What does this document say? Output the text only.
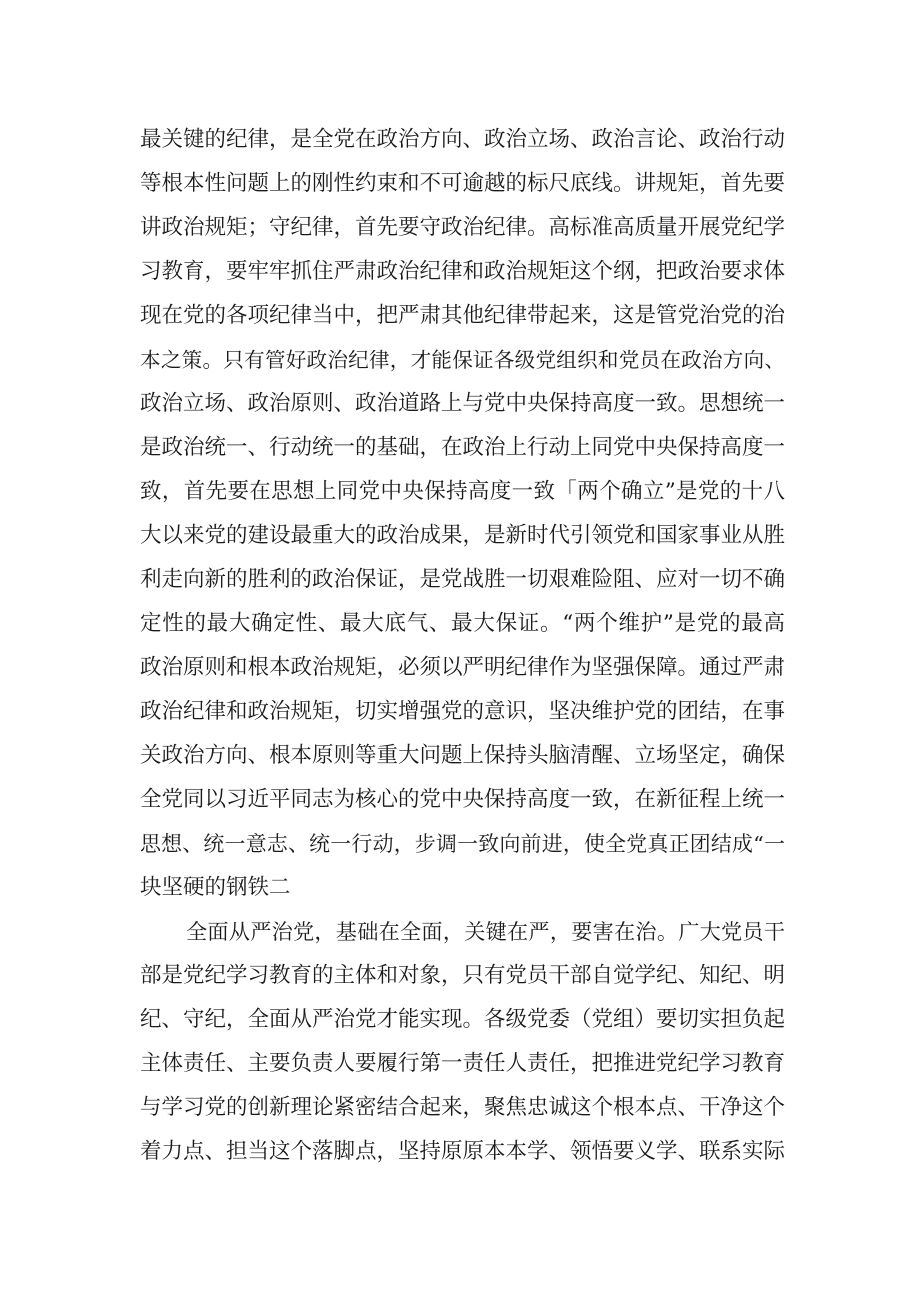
最关键的纪律，是全党在政治方向、政治立场、政治言论、政治行动
等根本性问题上的刚性约束和不可逾越的标尺底线。讲规矩，首先要
讲政治规矩；守纪律，首先要守政治纪律。高标准高质量开展党纪学
习教育，要牢牢抓住严肃政治纪律和政治规矩这个纲，把政治要求体
现在党的各项纪律当中，把严肃其他纪律带起来，这是管党治党的治
本之策。只有管好政治纪律，才能保证各级党组织和党员在政治方向、
政治立场、政治原则、政治道路上与党中央保持高度一致。思想统一
是政治统一、行动统一的基础，在政治上行动上同党中央保持高度一
致，首先要在思想上同党中央保持高度一致「两个确立”是党的十八
大以来党的建设最重大的政治成果，是新时代引领党和国家事业从胜
利走向新的胜利的政治保证，是党战胜一切艰难险阻、应对一切不确
定性的最大确定性、最大底气、最大保证。“两个维护”是党的最高
政治原则和根本政治规矩，必须以严明纪律作为坚强保障。通过严肃
政治纪律和政治规矩，切实增强党的意识，坚决维护党的团结，在事
关政治方向、根本原则等重大问题上保持头脑清醒、立场坚定，确保
全党同以习近平同志为核心的党中央保持高度一致，在新征程上统一
思想、统一意志、统一行动，步调一致向前进，使全党真正团结成“一
块坚硬的钢铁二
全面从严治党，基础在全面，关键在严，要害在治。广大党员干
部是党纪学习教育的主体和对象，只有党员干部自觉学纪、知纪、明
纪、守纪，全面从严治党才能实现。各级党委（党组）要切实担负起
主体责任、主要负责人要履行第一责任人责任，把推进党纪学习教育
与学习党的创新理论紧密结合起来，聚焦忠诚这个根本点、干净这个
着力点、担当这个落脚点，坚持原原本本学、领悟要义学、联系实际
